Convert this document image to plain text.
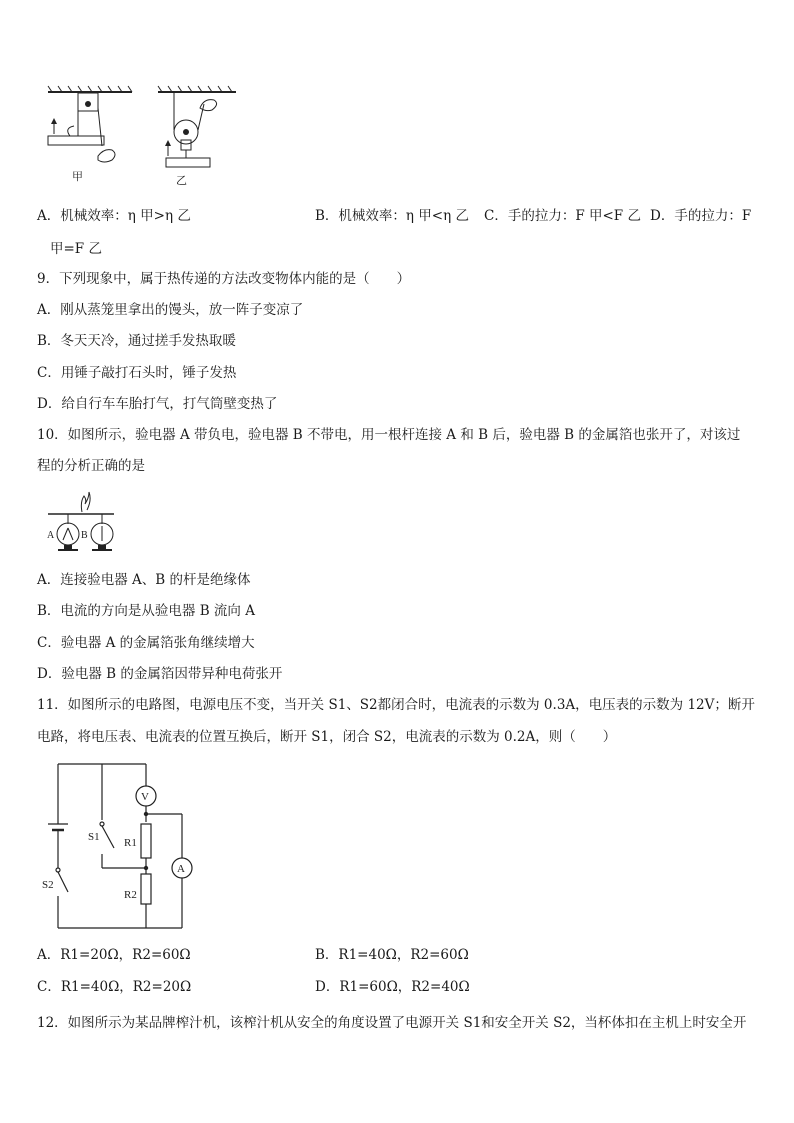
甲	乙
A．机械效率：η 甲>η 乙	B．机械效率：η 甲<η 乙 C．手的拉力：F 甲<F 乙 D．手的拉力：F
甲=F 乙
9．下列现象中，属于热传递的方法改变物体内能的是（　　）
A．刚从蒸笼里拿出的馒头，放一阵子变凉了
B．冬天天冷，通过搓手发热取暖
C．用锤子敲打石头时，锤子发热
D．给自行车车胎打气，打气筒壁变热了
10．如图所示，验电器 A 带负电，验电器 B 不带电，用一根杆连接 A 和 B 后，验电器 B 的金属箔也张开了，对该过
程的分析正确的是
A	B
A．连接验电器 A、B 的杆是绝缘体
B．电流的方向是从验电器 B 流向 A
C．验电器 A 的金属箔张角继续增大
D．验电器 B 的金属箔因带异种电荷张开
11．如图所示的电路图，电源电压不变，当开关 S1、S2都闭合时，电流表的示数为 0.3A，电压表的示数为 12V；断开
电路，将电压表、电流表的位置互换后，断开 S1，闭合 S2，电流表的示数为 0.2A，则（　　）
V
A
S1
S2
R1
R2
A．R1=20Ω，R2=60Ω	B．R1=40Ω，R2=60Ω
C．R1=40Ω，R2=20Ω	D．R1=60Ω，R2=40Ω
12．如图所示为某品牌榨汁机，该榨汁机从安全的角度设置了电源开关 S1和安全开关 S2，当杯体扣在主机上时安全开
